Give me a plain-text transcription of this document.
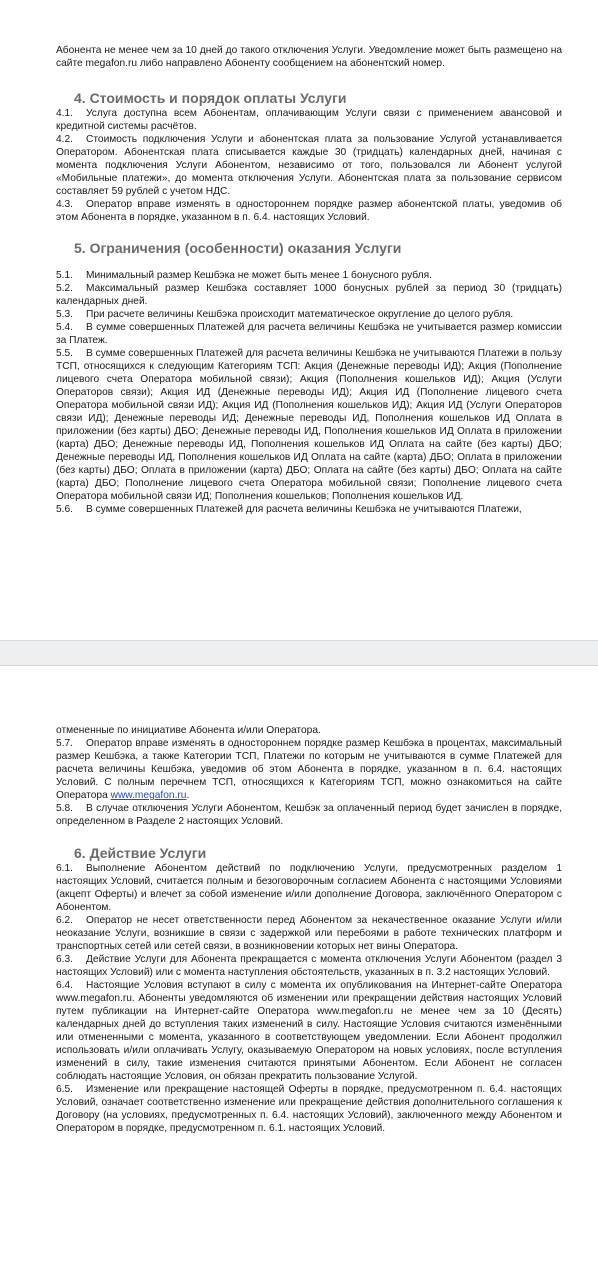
Абонента не менее чем за 10 дней до такого отключения Услуги. Уведомление может быть размещено на сайте megafon.ru либо направлено Абоненту сообщением на абонентский номер.

4. Стоимость и порядок оплаты Услуги

4.1. Услуга доступна всем Абонентам, оплачивающим Услуги связи с применением авансовой и кредитной системы расчётов.

4.2. Стоимость подключения Услуги и абонентская плата за пользование Услугой устанавливается Оператором. Абонентская плата списывается каждые 30 (тридцать) календарных дней, начиная с момента подключения Услуги Абонентом, независимо от того, пользовался ли Абонент услугой «Мобильные платежи», до момента отключения Услуги. Абонентская плата за пользование сервисом составляет 59 рублей с учетом НДС.

4.3. Оператор вправе изменять в одностороннем порядке размер абонентской платы, уведомив об этом Абонента в порядке, указанном в п. 6.4. настоящих Условий.

5. Ограничения (особенности) оказания Услуги

5.1. Минимальный размер Кешбэка не может быть менее 1 бонусного рубля.

5.2. Максимальный размер Кешбэка составляет 1000 бонусных рублей за период 30 (тридцать) календарных дней.

5.3. При расчете величины Кешбэка происходит математическое округление до целого рубля.

5.4. В сумме совершенных Платежей для расчета величины Кешбэка не учитывается размер комиссии за Платеж.

5.5. В сумме совершенных Платежей для расчета величины Кешбэка не учитываются Платежи в пользу ТСП, относящихся к следующим Категориям ТСП: Акция (Денежные переводы ИД); Акция (Пополнение лицевого счета Оператора мобильной связи); Акция (Пополнения кошельков ИД); Акция (Услуги Операторов связи); Акция ИД (Денежные переводы ИД); Акция ИД (Пополнение лицевого счета Оператора мобильной связи ИД); Акция ИД (Пополнения кошельков ИД); Акция ИД (Услуги Операторов связи ИД); Денежные переводы ИД; Денежные переводы ИД, Пополнения кошельков ИД Оплата в приложении (без карты) ДБО; Денежные переводы ИД, Пополнения кошельков ИД Оплата в приложении (карта) ДБО; Денежные переводы ИД, Пополнения кошельков ИД Оплата на сайте (без карты) ДБО; Денежные переводы ИД, Пополнения кошельков ИД Оплата на сайте (карта) ДБО; Оплата в приложении (без карты) ДБО; Оплата в приложении (карта) ДБО; Оплата на сайте (без карты) ДБО; Оплата на сайте (карта) ДБО; Пополнение лицевого счета Оператора мобильной связи; Пополнение лицевого счета Оператора мобильной связи ИД; Пополнения кошельков; Пополнения кошельков ИД.

5.6. В сумме совершенных Платежей для расчета величины Кешбэка не учитываются Платежи,

отмененные по инициативе Абонента и/или Оператора.

5.7. Оператор вправе изменять в одностороннем порядке размер Кешбэка в процентах, максимальный размер Кешбэка, а также Категории ТСП, Платежи по которым не учитываются в сумме Платежей для расчета величины Кешбэка, уведомив об этом Абонента в порядке, указанном в п. 6.4. настоящих Условий. С полным перечнем ТСП, относящихся к Категориям ТСП, можно ознакомиться на сайте Оператора www.megafon.ru.

5.8. В случае отключения Услуги Абонентом, Кешбэк за оплаченный период будет зачислен в порядке, определенном в Разделе 2 настоящих Условий.

6. Действие Услуги

6.1. Выполнение Абонентом действий по подключению Услуги, предусмотренных разделом 1 настоящих Условий, считается полным и безоговорочным согласием Абонента с настоящими Условиями (акцепт Оферты) и влечет за собой изменение и/или дополнение Договора, заключённого Оператором с Абонентом.

6.2. Оператор не несет ответственности перед Абонентом за некачественное оказание Услуги и/или неоказание Услуги, возникшие в связи с задержкой или перебоями в работе технических платформ и транспортных сетей или сетей связи, в возникновении которых нет вины Оператора.

6.3. Действие Услуги для Абонента прекращается с момента отключения Услуги Абонентом (раздел 3 настоящих Условий) или с момента наступления обстоятельств, указанных в п. 3.2 настоящих Условий.

6.4. Настоящие Условия вступают в силу с момента их опубликования на Интернет-сайте Оператора www.megafon.ru. Абоненты уведомляются об изменении или прекращении действия настоящих Условий путем публикации на Интернет-сайте Оператора www.megafon.ru не менее чем за 10 (Десять) календарных дней до вступления таких изменений в силу. Настоящие Условия считаются изменёнными или отмененными с момента, указанного в соответствующем уведомлении. Если Абонент продолжил использовать и/или оплачивать Услугу, оказываемую Оператором на новых условиях, после вступления изменений в силу, такие изменения считаются принятыми Абонентом. Если Абонент не согласен соблюдать настоящие Условия, он обязан прекратить пользование Услугой.

6.5. Изменение или прекращение настоящей Оферты в порядке, предусмотренном п. 6.4. настоящих Условий, означает соответственно изменение или прекращение действия дополнительного соглашения к Договору (на условиях, предусмотренных п. 6.4. настоящих Условий), заключенного между Абонентом и Оператором в порядке, предусмотренном п. 6.1. настоящих Условий.
